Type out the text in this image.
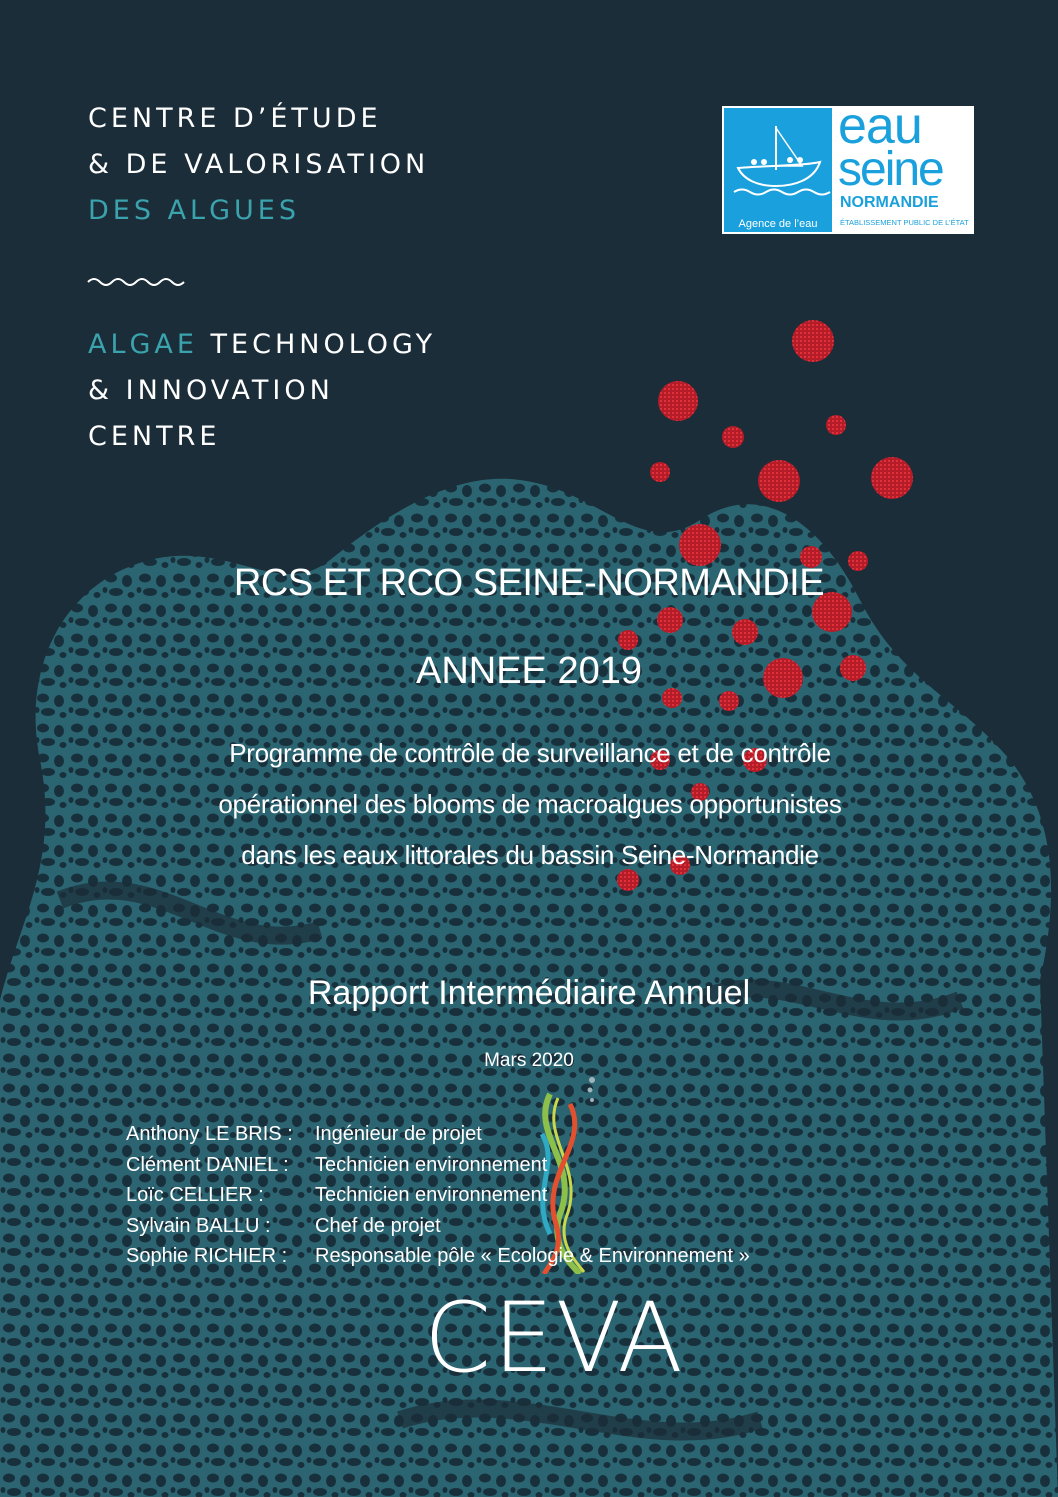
CENTRE D’ÉTUDE
& DE VALORISATION
DES ALGUES
ALGAE TECHNOLOGY
& INNOVATION
CENTRE
Agence de l’eau
eau
seine
NORMANDIE
ÉTABLISSEMENT PUBLIC DE L’ÉTAT
RCS ET RCO SEINE-NORMANDIE
ANNEE 2019
Programme de contrôle de surveillance et de contrôle
opérationnel des blooms de macroalgues opportunistes
dans les eaux littorales du bassin Seine-Normandie
Rapport Intermédiaire Annuel
Mars 2020
Anthony LE BRIS : Ingénieur de projet
Clément DANIEL : Technicien environnement
Loïc CELLIER :	Technicien environnement
Sylvain BALLU : Chef de projet
Sophie RICHIER : Responsable pôle « Ecologie & Environnement »
CEVA
